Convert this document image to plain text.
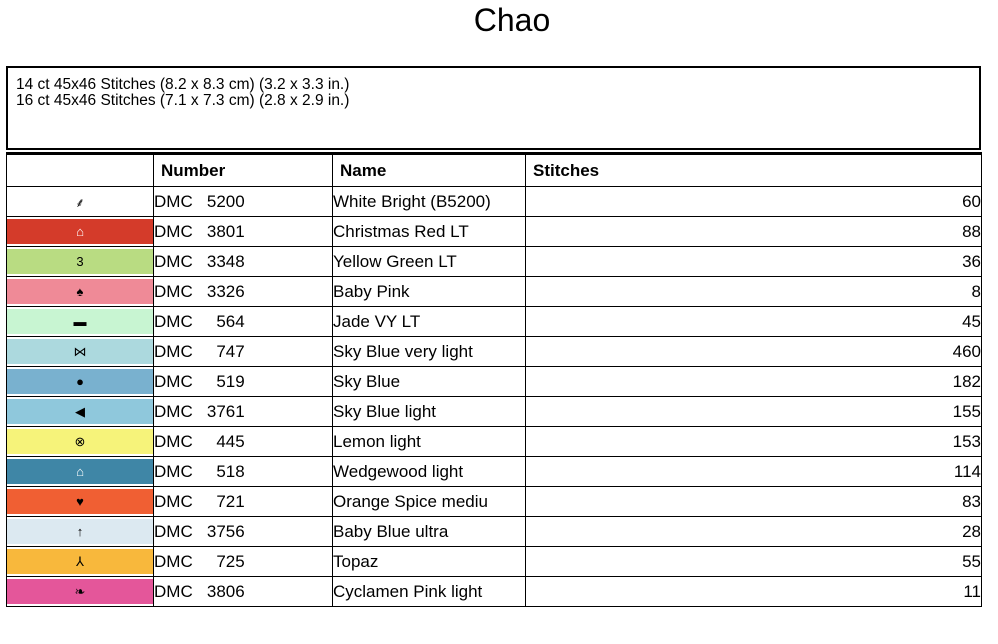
Chao
14 ct 45x46 Stitches (8.2 x 8.3 cm) (3.2 x 3.3 in.)
16 ct 45x46 Stitches (7.1 x 7.3 cm) (2.8 x 2.9 in.)
	Number	Name	Stitches

⸙	DMC   5200	White Bright (B5200)	60

⌂	DMC   3801	Christmas Red LT	88

3	DMC   3348	Yellow Green LT	36

♠	DMC   3326	Baby Pink	8

▬	DMC     564	Jade VY LT	45

⋈	DMC     747	Sky Blue very light	460

●	DMC     519	Sky Blue	182

◀	DMC   3761	Sky Blue light	155

⊗	DMC     445	Lemon light	153

⌂	DMC     518	Wedgewood light	114

♥	DMC     721	Orange Spice mediu	83

↑	DMC   3756	Baby Blue ultra	28

⅄	DMC     725	Topaz	55

❧	DMC   3806	Cyclamen Pink light	11
